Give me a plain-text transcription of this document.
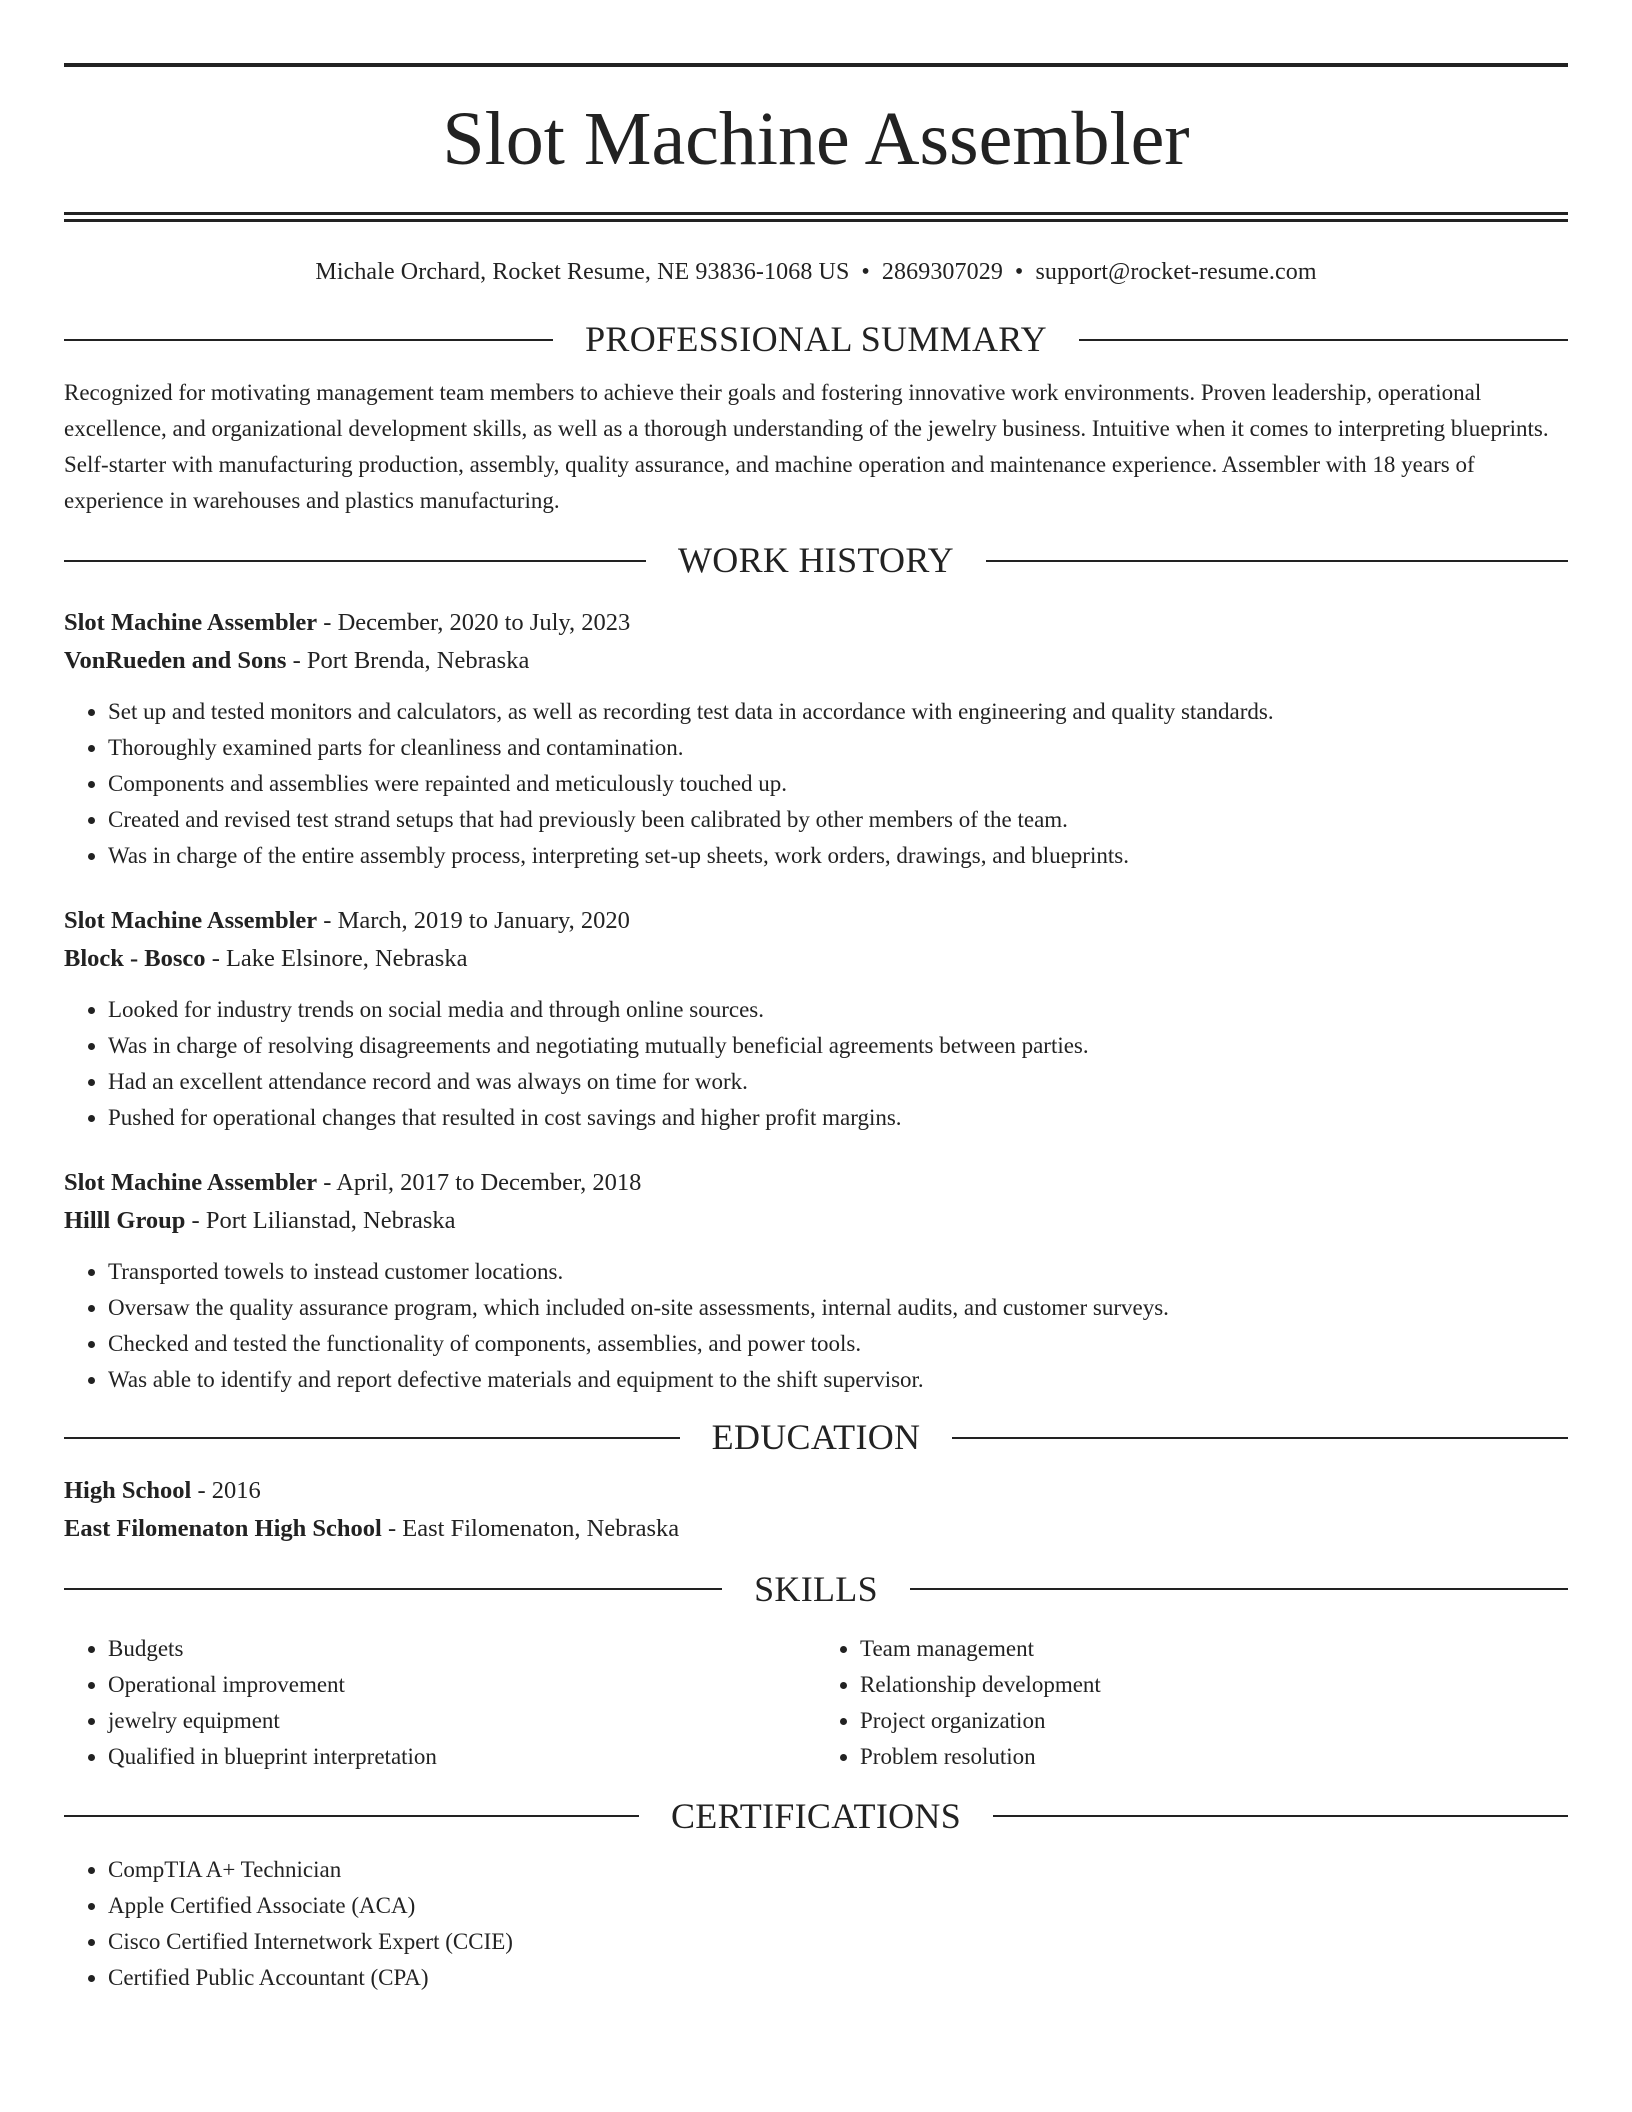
Slot Machine Assembler
Michale Orchard, Rocket Resume, NE 93836-1068 US • 2869307029 • support@rocket-resume.com
PROFESSIONAL SUMMARY
Recognized for motivating management team members to achieve their goals and fostering innovative work environments. Proven leadership, operational excellence, and organizational development skills, as well as a thorough understanding of the jewelry business. Intuitive when it comes to interpreting blueprints. Self-starter with manufacturing production, assembly, quality assurance, and machine operation and maintenance experience. Assembler with 18 years of experience in warehouses and plastics manufacturing.
WORK HISTORY
Slot Machine Assembler - December, 2020 to July, 2023
VonRueden and Sons - Port Brenda, Nebraska
• Set up and tested monitors and calculators, as well as recording test data in accordance with engineering and quality standards.
• Thoroughly examined parts for cleanliness and contamination.
• Components and assemblies were repainted and meticulously touched up.
• Created and revised test strand setups that had previously been calibrated by other members of the team.
• Was in charge of the entire assembly process, interpreting set-up sheets, work orders, drawings, and blueprints.
Slot Machine Assembler - March, 2019 to January, 2020
Block - Bosco - Lake Elsinore, Nebraska
• Looked for industry trends on social media and through online sources.
• Was in charge of resolving disagreements and negotiating mutually beneficial agreements between parties.
• Had an excellent attendance record and was always on time for work.
• Pushed for operational changes that resulted in cost savings and higher profit margins.
Slot Machine Assembler - April, 2017 to December, 2018
Hilll Group - Port Lilianstad, Nebraska
• Transported towels to instead customer locations.
• Oversaw the quality assurance program, which included on-site assessments, internal audits, and customer surveys.
• Checked and tested the functionality of components, assemblies, and power tools.
• Was able to identify and report defective materials and equipment to the shift supervisor.
EDUCATION
High School - 2016
East Filomenaton High School - East Filomenaton, Nebraska
SKILLS
• Budgets
• Operational improvement
• jewelry equipment
• Qualified in blueprint interpretation
• Team management
• Relationship development
• Project organization
• Problem resolution
CERTIFICATIONS
• CompTIA A+ Technician
• Apple Certified Associate (ACA)
• Cisco Certified Internetwork Expert (CCIE)
• Certified Public Accountant (CPA)
